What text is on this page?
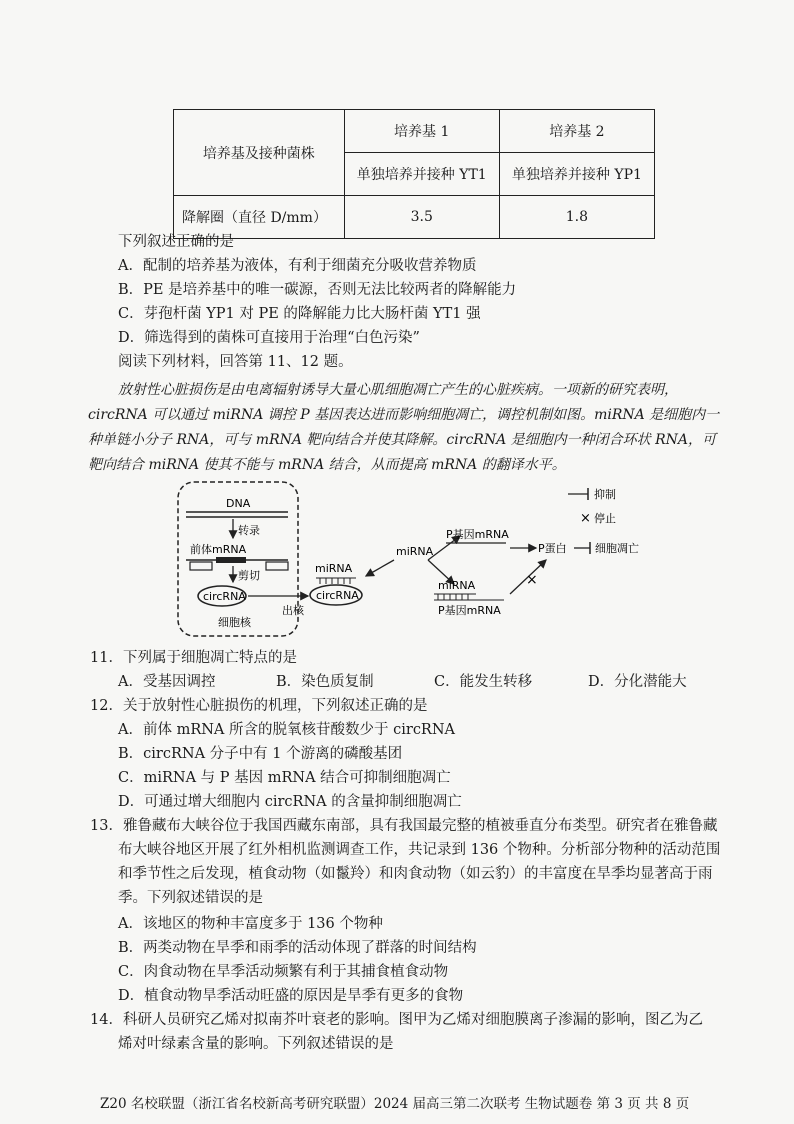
培养基及接种菌株	培养基 1	培养基 2
	单独培养并接种 YT1	单独培养并接种 YP1
降解圈（直径 D/mm）	3.5	1.8
下列叙述正确的是
A．配制的培养基为液体，有利于细菌充分吸收营养物质
B．PE 是培养基中的唯一碳源，否则无法比较两者的降解能力
C．芽孢杆菌 YP1 对 PE 的降解能力比大肠杆菌 YT1 强
D．筛选得到的菌株可直接用于治理“白色污染”
阅读下列材料，回答第 11、12 题。
放射性心脏损伤是由电离辐射诱导大量心肌细胞凋亡产生的心脏疾病。一项新的研究表明，
circRNA 可以通过 miRNA 调控 P 基因表达进而影响细胞凋亡，调控机制如图。miRNA 是细胞内一
种单链小分子 RNA，可与 mRNA 靶向结合并使其降解。circRNA 是细胞内一种闭合环状 RNA，可
靶向结合 miRNA 使其不能与 mRNA 结合，从而提高 mRNA 的翻译水平。
DNA
转录
前体mRNA
剪切
circRNA
细胞核
出核
miRNA
circRNA
miRNA
P基因mRNA
P蛋白	细胞凋亡
miRNA
P基因mRNA
×
抑制
× 停止
11．下列属于细胞凋亡特点的是
A．受基因调控	B．染色质复制	C．能发生转移	D．分化潜能大
12．关于放射性心脏损伤的机理，下列叙述正确的是
A．前体 mRNA 所含的脱氧核苷酸数少于 circRNA
B．circRNA 分子中有 1 个游离的磷酸基团
C．miRNA 与 P 基因 mRNA 结合可抑制细胞凋亡
D．可通过增大细胞内 circRNA 的含量抑制细胞凋亡
13．雅鲁藏布大峡谷位于我国西藏东南部，具有我国最完整的植被垂直分布类型。研究者在雅鲁藏
布大峡谷地区开展了红外相机监测调查工作，共记录到 136 个物种。分析部分物种的活动范围
和季节性之后发现，植食动物（如鬣羚）和肉食动物（如云豹）的丰富度在旱季均显著高于雨
季。下列叙述错误的是
A．该地区的物种丰富度多于 136 个物种
B．两类动物在旱季和雨季的活动体现了群落的时间结构
C．肉食动物在旱季活动频繁有利于其捕食植食动物
D．植食动物旱季活动旺盛的原因是旱季有更多的食物
14．科研人员研究乙烯对拟南芥叶衰老的影响。图甲为乙烯对细胞膜离子渗漏的影响，图乙为乙
烯对叶绿素含量的影响。下列叙述错误的是
Z20 名校联盟（浙江省名校新高考研究联盟）2024 届高三第二次联考 生物试题卷 第 3 页 共 8 页
